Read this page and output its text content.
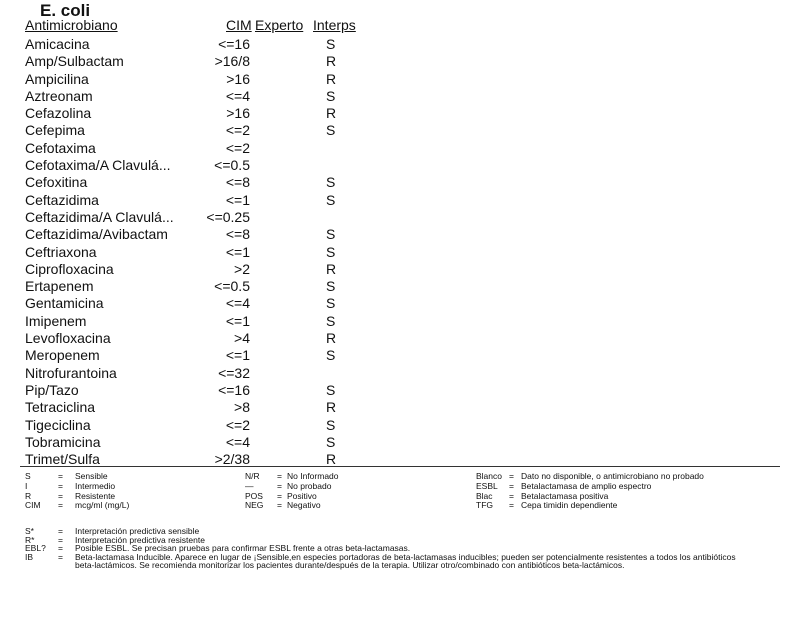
E. coli
Antimicrobiano	CIM Experto Interps
Amicacina	<=16	S
Amp/Sulbactam	>16/8	R
Ampicilina	>16	R
Aztreonam	<=4	S
Cefazolina	>16	R
Cefepima	<=2	S
Cefotaxima	<=2
Cefotaxima/A Clavulá...	<=0.5
Cefoxitina	<=8	S
Ceftazidima	<=1	S
Ceftazidima/A Clavulá... <=0.25
Ceftazidima/Avibactam	<=8	S
Ceftriaxona	<=1	S
Ciprofloxacina	>2	R
Ertapenem	<=0.5	S
Gentamicina	<=4	S
Imipenem	<=1	S
Levofloxacina	>4	R
Meropenem	<=1	S
Nitrofurantoina	<=32
Pip/Tazo	<=16	S
Tetraciclina	>8	R
Tigeciclina	<=2	S
Tobramicina	<=4	S
Trimet/Sulfa	>2/38	R
S	= Sensible
I	= Intermedio
R	= Resistente
CIM = mcg/ml (mg/L)
N/R = No Informado
—	= No probado
POS = Positivo
NEG = Negativo
Blanco = Dato no disponible, o antimicrobiano no probado
ESBL = Betalactamasa de amplio espectro
Blac = Betalactamasa positiva
TFG = Cepa timidin dependiente
S*	= Interpretación predictiva sensible
R*	= Interpretación predictiva resistente
EBL? = Posible ESBL. Se precisan pruebas para confirmar ESBL frente a otras beta-lactamasas.
IB	= Beta-lactamasa Inducible. Aparece en lugar de ¡Sensible,en especies portadoras de beta-lactamasas inducibles; pueden ser potencialmente resistentes a todos los antibióticos
beta-lactámicos. Se recomienda monitorizar los pacientes durante/después de la terapia. Utilizar otro/combinado con antibióticos beta-lactámicos.
